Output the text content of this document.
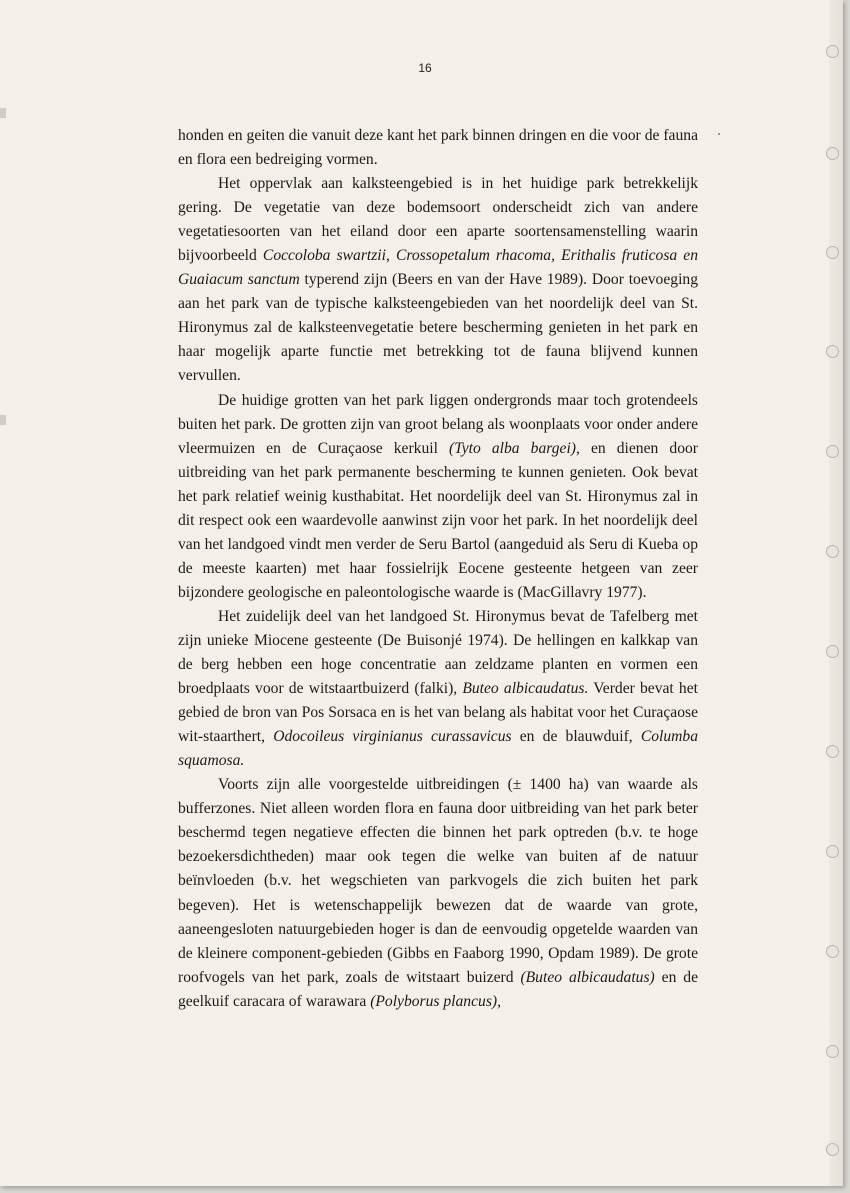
16

honden en geiten die vanuit deze kant het park binnen dringen en die voor de fauna en flora een bedreiging vormen.

Het oppervlak aan kalksteengebied is in het huidige park betrekkelijk gering. De vegetatie van deze bodemsoort onderscheidt zich van andere vegetatiesoorten van het eiland door een aparte soortensamenstelling waarin bijvoorbeeld Coccoloba swartzii, Crossopetalum rhacoma, Erithalis fruticosa en Guaiacum sanctum typerend zijn (Beers en van der Have 1989). Door toevoeging aan het park van de typische kalksteengebieden van het noordelijk deel van St. Hironymus zal de kalksteenvegetatie betere bescherming genieten in het park en haar mogelijk aparte functie met betrekking tot de fauna blijvend kunnen vervullen.

De huidige grotten van het park liggen ondergronds maar toch grotendeels buiten het park. De grotten zijn van groot belang als woonplaats voor onder andere vleermuizen en de Curaçaose kerkuil (Tyto alba bargei), en dienen door uitbreiding van het park permanente bescherming te kunnen genieten. Ook bevat het park relatief weinig kusthabitat. Het noordelijk deel van St. Hironymus zal in dit respect ook een waardevolle aanwinst zijn voor het park. In het noordelijk deel van het landgoed vindt men verder de Seru Bartol (aangeduid als Seru di Kueba op de meeste kaarten) met haar fossielrijk Eocene gesteente hetgeen van zeer bijzondere geologische en paleontologische waarde is (MacGillavry 1977).

Het zuidelijk deel van het landgoed St. Hironymus bevat de Tafelberg met zijn unieke Miocene gesteente (De Buisonjé 1974). De hellingen en kalkkap van de berg hebben een hoge concentratie aan zeldzame planten en vormen een broedplaats voor de witstaartbuizerd (falki), Buteo albicaudatus. Verder bevat het gebied de bron van Pos Sorsaca en is het van belang als habitat voor het Curaçaose wit-staarthert, Odocoileus virginianus curassavicus en de blauwduif, Columba squamosa.

Voorts zijn alle voorgestelde uitbreidingen (± 1400 ha) van waarde als bufferzones. Niet alleen worden flora en fauna door uitbreiding van het park beter beschermd tegen negatieve effecten die binnen het park optreden (b.v. te hoge bezoekersdichtheden) maar ook tegen die welke van buiten af de natuur beïnvloeden (b.v. het wegschieten van parkvogels die zich buiten het park begeven). Het is wetenschappelijk bewezen dat de waarde van grote, aaneengesloten natuurgebieden hoger is dan de eenvoudig opgetelde waarden van de kleinere component-gebieden (Gibbs en Faaborg 1990, Opdam 1989). De grote roofvogels van het park, zoals de witstaart buizerd (Buteo albicaudatus) en de geelkuif caracara of warawara (Polyborus plancus),
